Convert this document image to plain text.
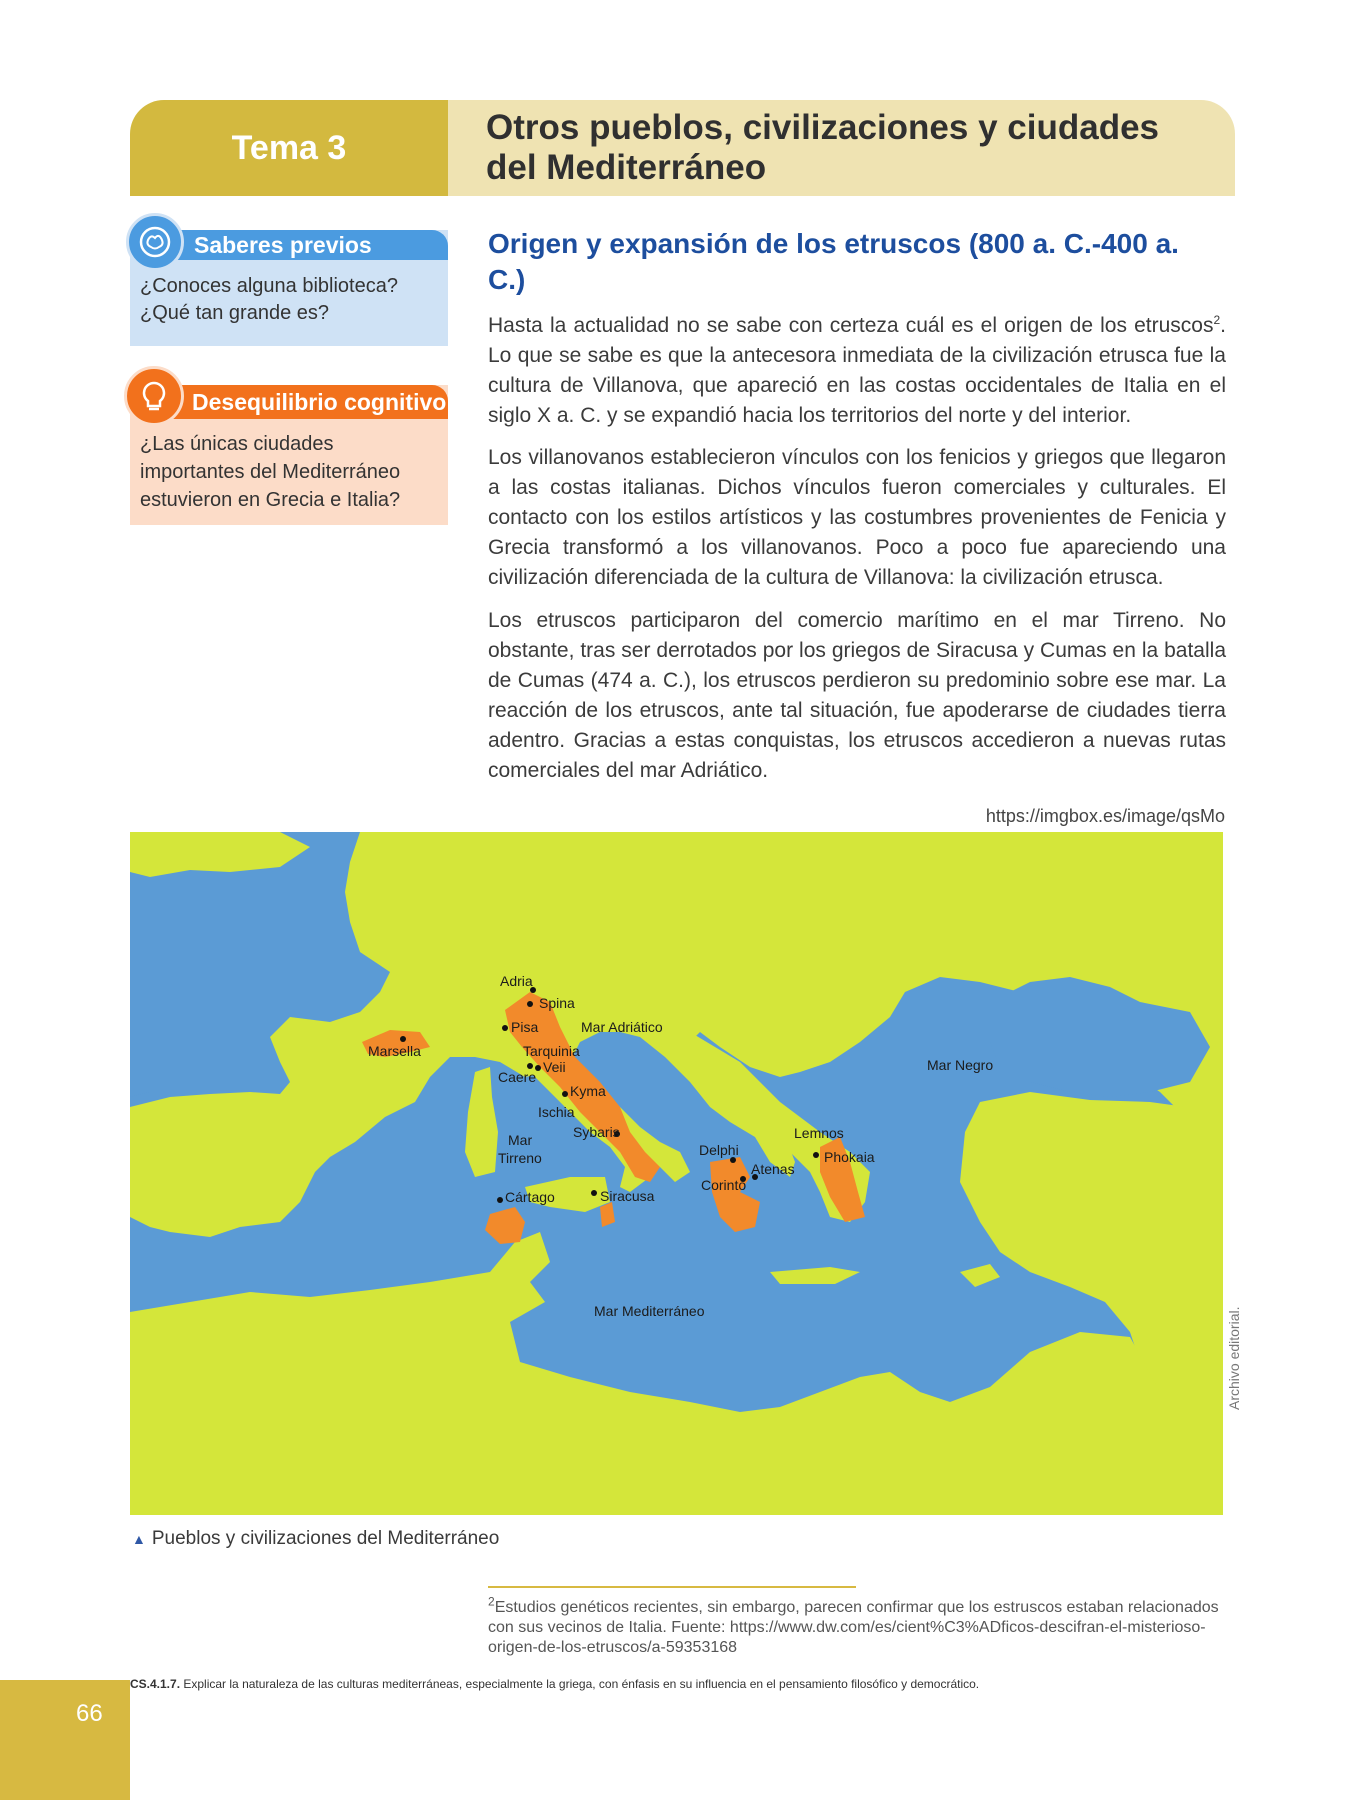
Tema 3
Otros pueblos, civilizaciones y ciudades del Mediterráneo
Saberes previos
¿Conoces alguna biblioteca? ¿Qué tan grande es?
Desequilibrio cognitivo
¿Las únicas ciudades importantes del Mediterráneo estuvieron en Grecia e Italia?
Origen y expansión de los etruscos (800 a. C.-400 a. C.)

Hasta la actualidad no se sabe con certeza cuál es el origen de los etruscos$^2$. Lo que se sabe es que la antecesora inmediata de la civilización etrusca fue la cultura de Villanova, que apareció en las costas occidentales de Italia en el siglo X a. C. y se expandió hacia los territorios del norte y del interior.

Los villanovanos establecieron vínculos con los fenicios y griegos que llegaron a las costas italianas. Dichos vínculos fueron comerciales y culturales. El contacto con los estilos artísticos y las costumbres provenientes de Fenicia y Grecia transformó a los villanovanos. Poco a poco fue apareciendo una civilización diferenciada de la cultura de Villanova: la civilización etrusca.

Los etruscos participaron del comercio marítimo en el mar Tirreno. No obstante, tras ser derrotados por los griegos de Siracusa y Cumas en la batalla de Cumas (474 a. C.), los etruscos perdieron su predominio sobre ese mar. La reacción de los etruscos, ante tal situación, fue apoderarse de ciudades tierra adentro. Gracias a estas conquistas, los etruscos accedieron a nuevas rutas comerciales del mar Adriático.

https://imgbox.es/image/qsMo
Adria
Spina
Pisa	Mar Adriático
Marsella	Tarquinia
Veii
Caere
Mar Negro
Kyma
Ischia
Sybaris
Mar
Tirreno
Lemnos
Delphi	Phokaia
Atenas
Corinto
Cártago	Siracusa
Mar Mediterráneo	Archivo editorial.
▲ Pueblos y civilizaciones del Mediterráneo
$^2$Estudios genéticos recientes, sin embargo, parecen confirmar que los estruscos estaban relacionados con sus vecinos de Italia. Fuente: https://www.dw.com/es/cient%C3%ADficos-descifran-el-misterioso-origen-de-los-etruscos/a-59353168
CS.4.1.7. Explicar la naturaleza de las culturas mediterráneas, especialmente la griega, con énfasis en su influencia en el pensamiento filosófico y democrático.
66
